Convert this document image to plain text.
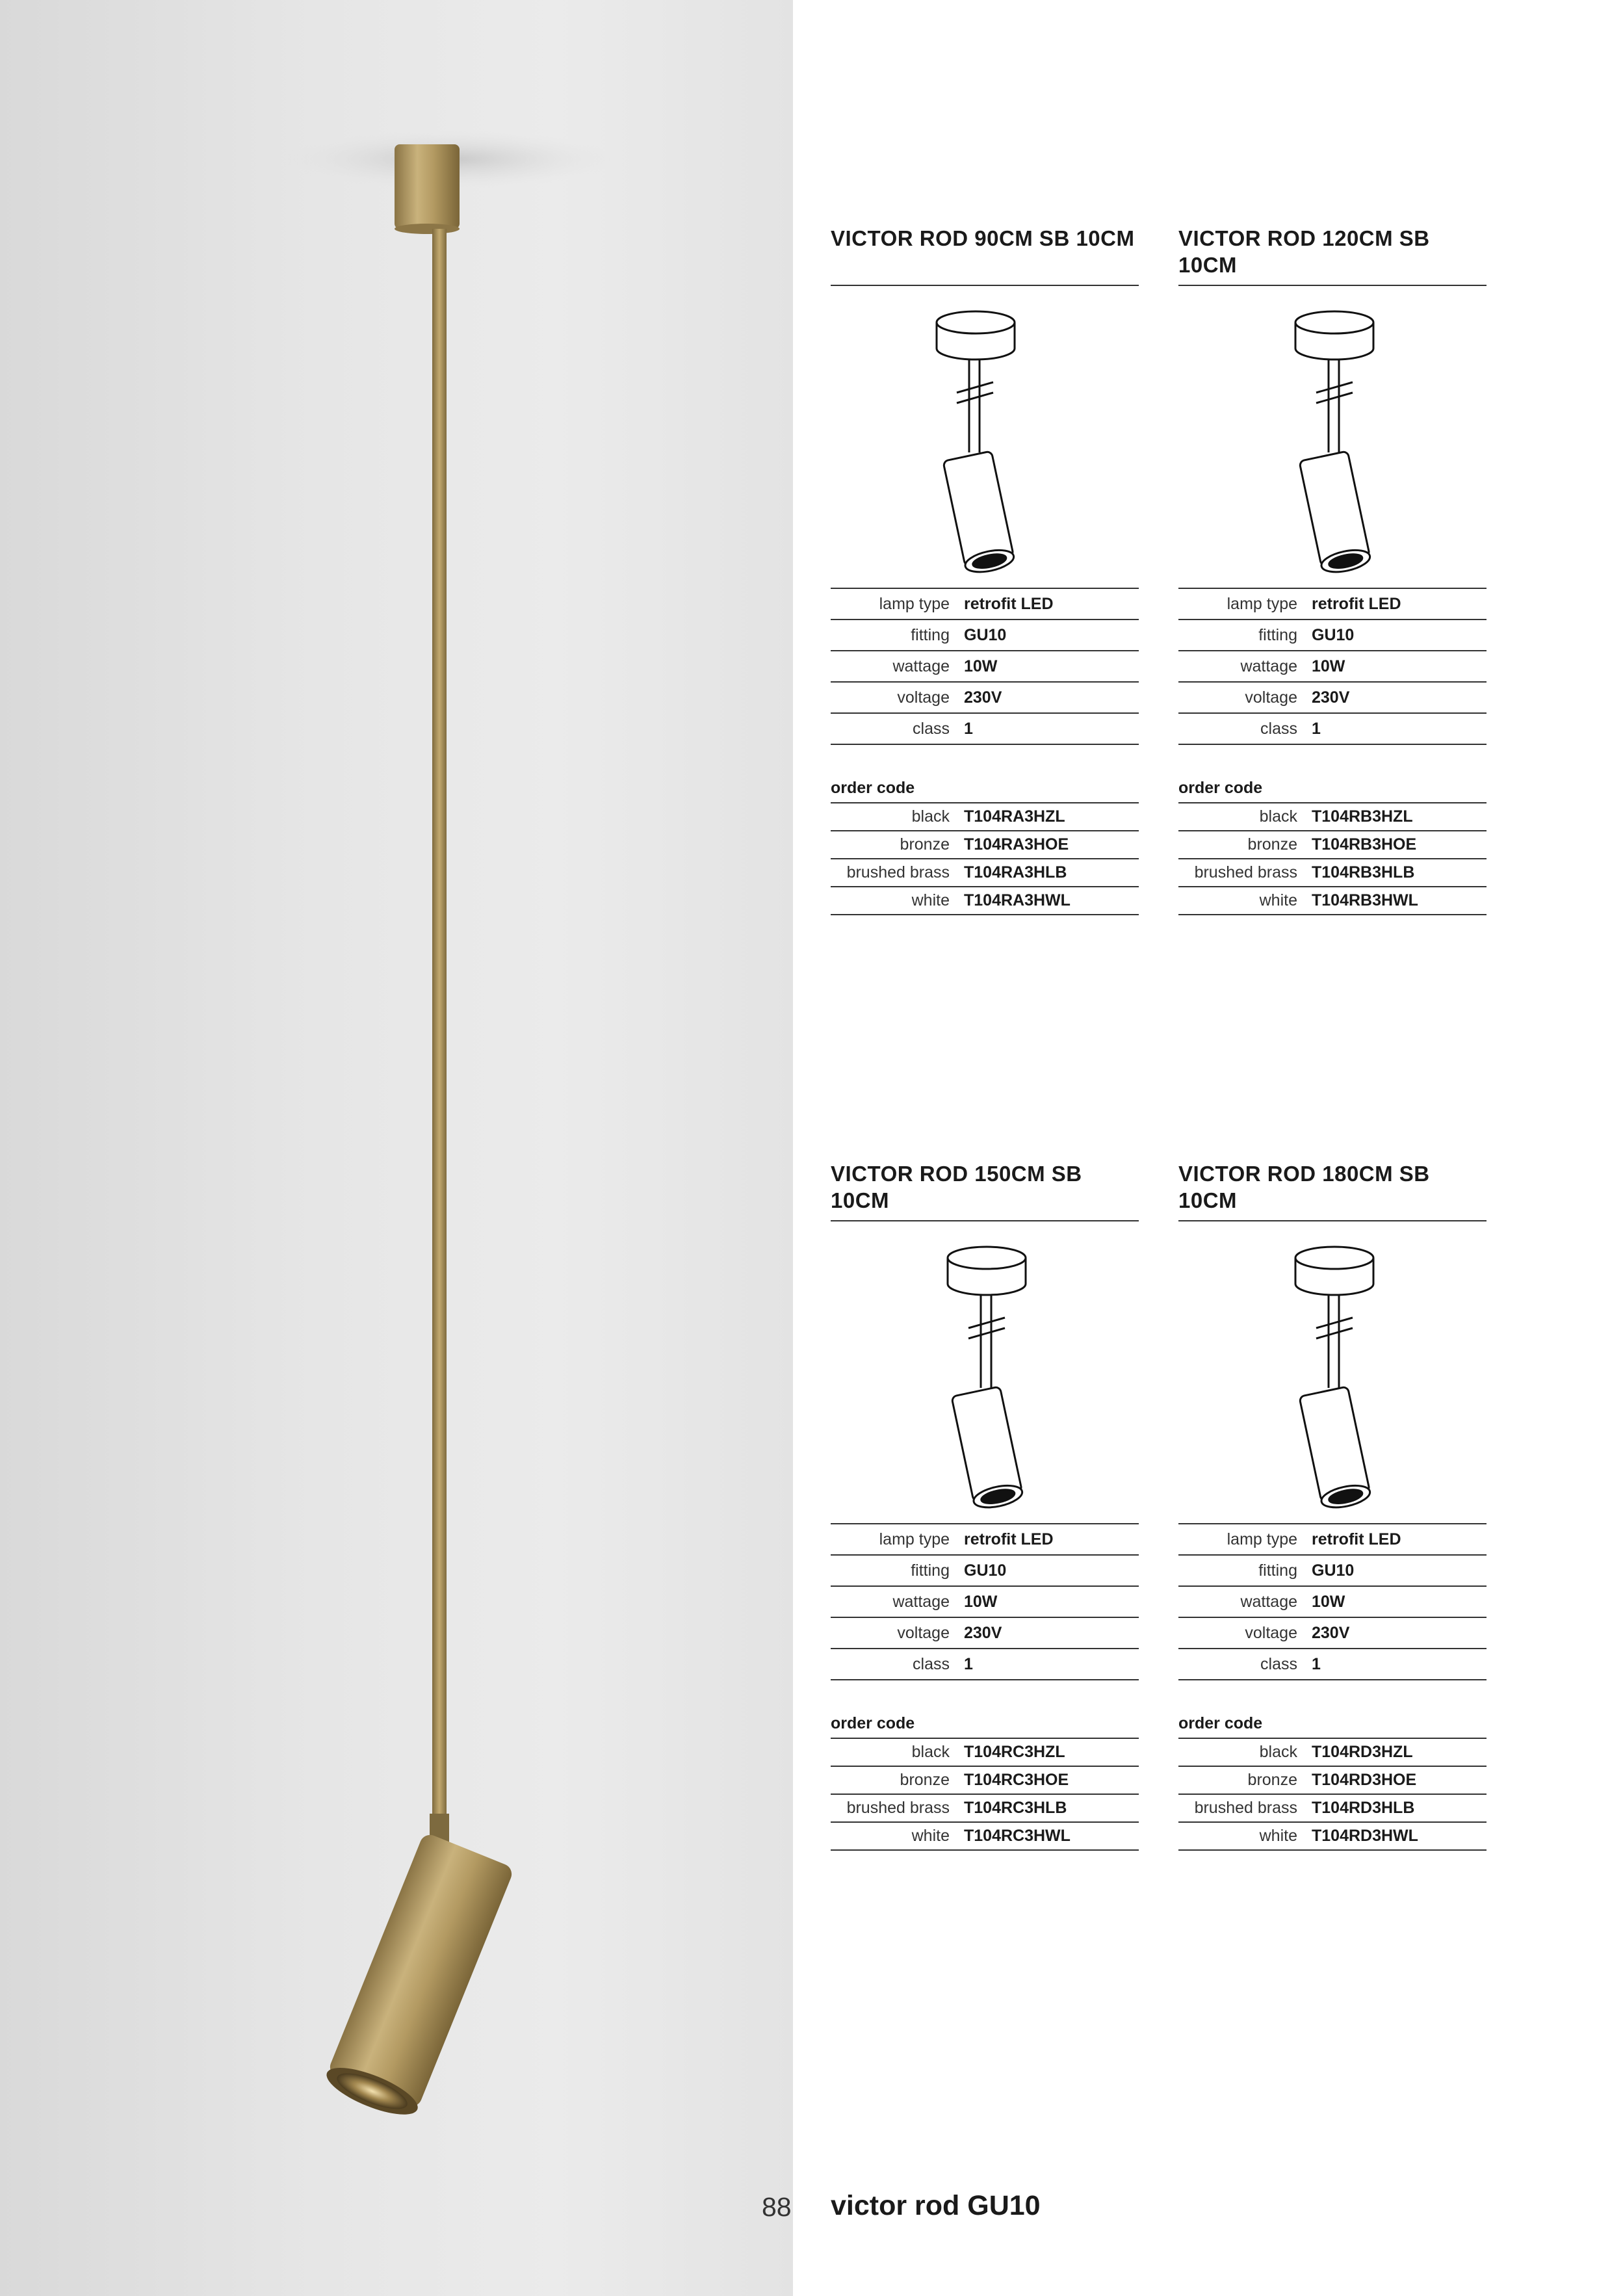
VICTOR ROD 90CM SB 10CM
lamp type retrofit LED
fitting GU10
wattage 10W
voltage 230V
class 1
order code
black T104RA3HZL
bronze T104RA3HOE
brushed brass T104RA3HLB
white T104RA3HWL
VICTOR ROD 120CM SB 10CM
lamp type retrofit LED
fitting GU10
wattage 10W
voltage 230V
class 1
order code
black T104RB3HZL
bronze T104RB3HOE
brushed brass T104RB3HLB
white T104RB3HWL
VICTOR ROD 150CM SB 10CM
lamp type retrofit LED
fitting GU10
wattage 10W
voltage 230V
class 1
order code
black T104RC3HZL
bronze T104RC3HOE
brushed brass T104RC3HLB
white T104RC3HWL
VICTOR ROD 180CM SB 10CM
lamp type retrofit LED
fitting GU10
wattage 10W
voltage 230V
class 1
order code
black T104RD3HZL
bronze T104RD3HOE
brushed brass T104RD3HLB
white T104RD3HWL
88 victor rod GU10
